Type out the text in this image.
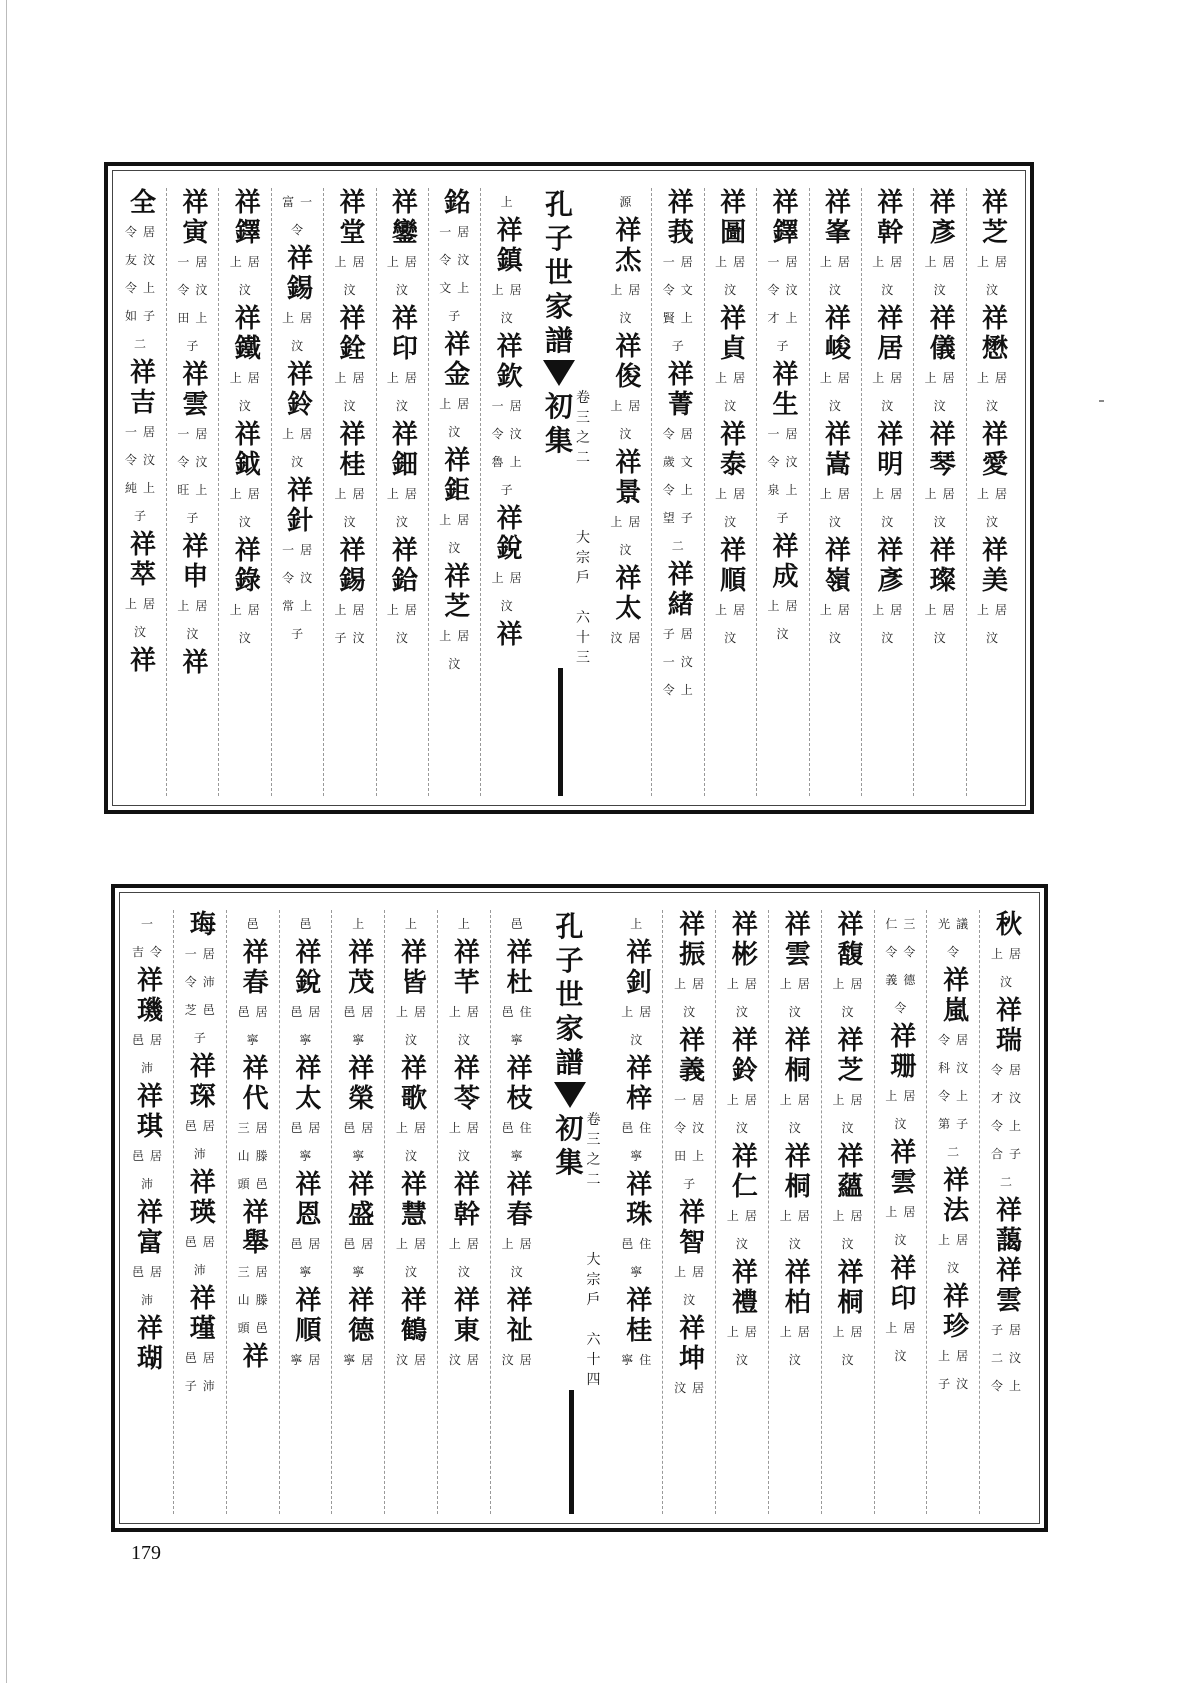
祥
芝
上居
汶
祥
懋
上居
汶
祥
愛
上居
汶
祥
美
上居
汶
祥
彥
上居
汶
祥
儀
上居
汶
祥
琴
上居
汶
祥
璨
上居
汶
祥
幹
上居
汶
祥
居
上居
汶
祥
明
上居
汶
祥
彥
上居
汶
祥
峯
上居
汶
祥
峻
上居
汶
祥
嵩
上居
汶
祥
嶺
上居
汶
祥
鐸
一居
令汶
才上
子
祥
生
一居
令汶
泉上
子
祥
成
上居
汶
祥
圖
上居
汶
祥
貞
上居
汶
祥
泰
上居
汶
祥
順
上居
汶
祥
莪
一居
令文
賢上
子
祥
菁
令居
歲文
令上
望子
二
祥
緒
子居
一汶
令上
源
祥
杰
上居
汶
祥
俊
上居
汶
祥
景
上居
汶
祥
太
汶居
孔
子
世
家
譜
初
集
卷
三
之
二
大
宗
戶
六
十
三
上
祥
鎮
上居
汶
祥
欽
一居
令汶
魯上
子
祥
銳
上居
汶
祥
銘
一居
令汶
文上
子
祥
金
上居
汶
祥
鉅
上居
汶
祥
芝
上居
汶
祥
鑾
上居
汶
祥
印
上居
汶
祥
鈿
上居
汶
祥
鉿
上居
汶
祥
堂
上居
汶
祥
銓
上居
汶
祥
桂
上居
汶
祥
錫
上居
子汶
富一
令
祥
錫
上居
汶
祥
鈴
上居
汶
祥
針
一居
令汶
常上
子
祥
鐸
上居
汶
祥
鐵
上居
汶
祥
鉞
上居
汶
祥
錄
上居
汶
祥
寅
一居
令汶
田上
子
祥
雲
一居
令汶
旺上
子
祥
申
上居
汶
祥
全
令居
友汶
令上
如子
二
祥
吉
一居
令汶
純上
子
祥
萃
上居
汶
祥
秋
上居
汶
祥
瑞
令居
才汶
令上
合子
二
祥
藹
祥
雲
子居
二汶
令上
光議
令
祥
嵐
令居
科汶
令上
第子
二
祥
法
上居
汶
祥
珍
上居
子汶
仁三
令令
義德
令
祥
珊
上居
汶
祥
雲
上居
汶
祥
印
上居
汶
祥
馥
上居
汶
祥
芝
上居
汶
祥
蘊
上居
汶
祥
桐
上居
汶
祥
雲
上居
汶
祥
桐
上居
汶
祥
桐
上居
汶
祥
柏
上居
汶
祥
彬
上居
汶
祥
鈴
上居
汶
祥
仁
上居
汶
祥
禮
上居
汶
祥
振
上居
汶
祥
義
一居
令汶
田上
子
祥
智
上居
汶
祥
坤
汶居
上
祥
釗
上居
汶
祥
梓
邑住
寧
祥
珠
邑住
寧
祥
桂
寧住
孔
子
世
家
譜
初
集
卷
三
之
二
大
宗
戶
六
十
四
邑
祥
杜
邑住
寧
祥
枝
邑住
寧
祥
春
上居
汶
祥
祉
汶居
上
祥
芊
上居
汶
祥
苓
上居
汶
祥
幹
上居
汶
祥
東
汶居
上
祥
皆
上居
汶
祥
歌
上居
汶
祥
慧
上居
汶
祥
鶴
汶居
上
祥
茂
邑居
寧
祥
榮
邑居
寧
祥
盛
邑居
寧
祥
德
寧居
邑
祥
銳
邑居
寧
祥
太
邑居
寧
祥
恩
邑居
寧
祥
順
寧居
邑
祥
春
邑居
寧
祥
代
三居
山滕
頭邑
祥
舉
三居
山滕
頭邑
祥
珻
一居
令沛
芝邑
子
祥
琛
邑居
沛
祥
瑛
邑居
沛
祥
瑾
邑居
子沛
一
吉令
祥
璣
邑居
沛
祥
琪
邑居
沛
祥
富
邑居
沛
祥
瑚
179
